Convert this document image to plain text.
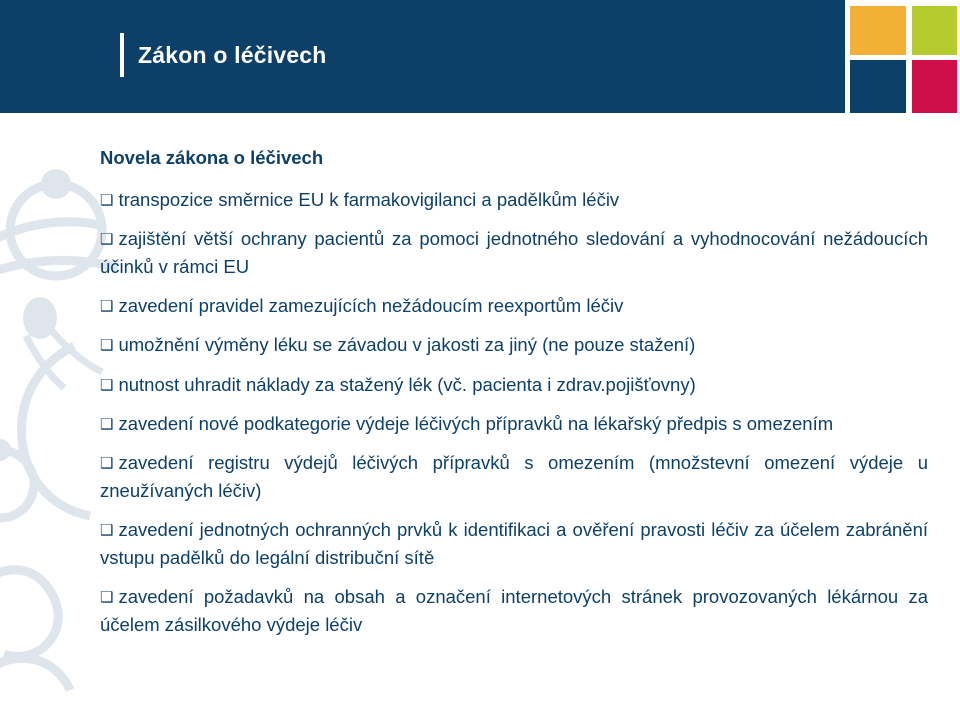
Zákon o léčivech

Novela zákona o léčivech

❑ transpozice směrnice EU k farmakovigilanci a padělkům léčiv

❑ zajištění větší ochrany pacientů za pomoci jednotného sledování a vyhodnocování nežádoucích účinků v rámci EU

❑ zavedení pravidel zamezujících nežádoucím reexportům léčiv

❑ umožnění výměny léku se závadou v jakosti za jiný (ne pouze stažení)

❑ nutnost uhradit náklady za stažený lék (vč. pacienta i zdrav.pojišťovny)

❑ zavedení nové podkategorie výdeje léčivých přípravků na lékařský předpis s omezením

❑ zavedení registru výdejů léčivých přípravků s omezením (množstevní omezení výdeje u zneužívaných léčiv)

❑ zavedení jednotných ochranných prvků k identifikaci a ověření pravosti léčiv za účelem zabránění vstupu padělků do legální distribuční sítě

❑ zavedení požadavků na obsah a označení internetových stránek provozovaných lékárnou za účelem zásilkového výdeje léčiv
